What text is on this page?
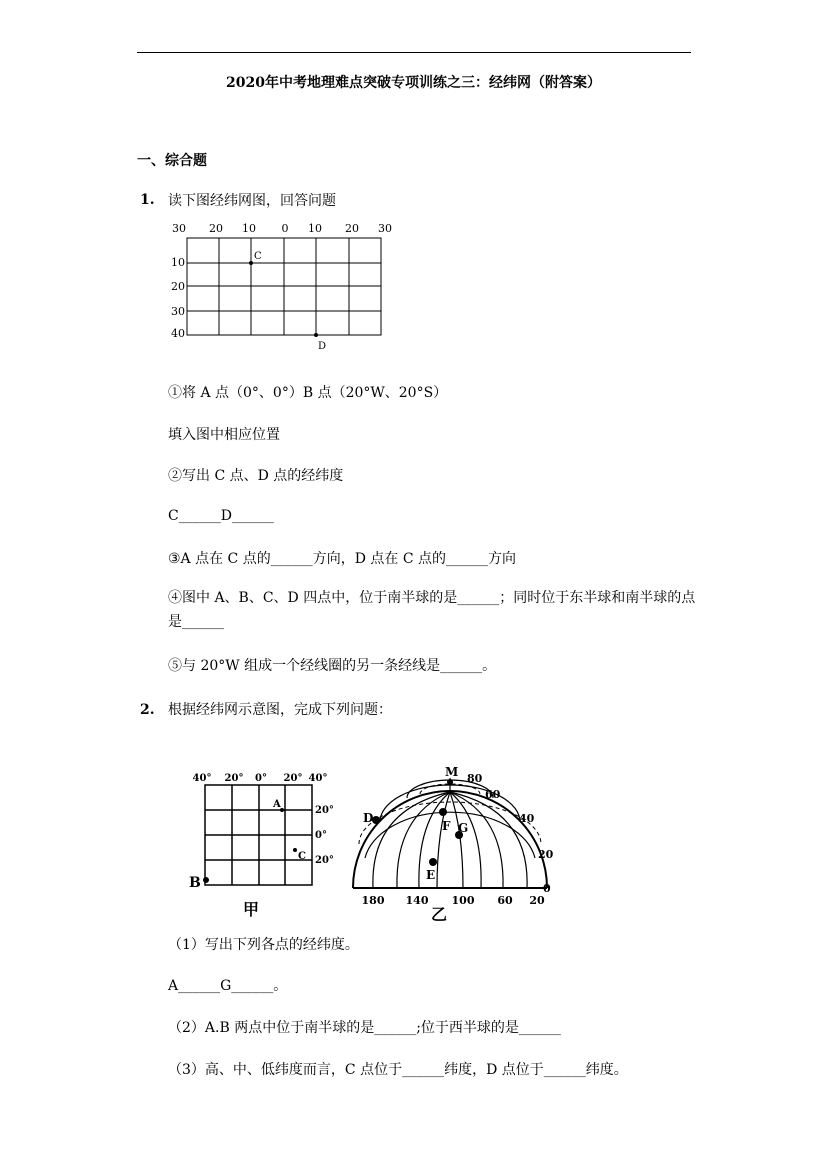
2020年中考地理难点突破专项训练之三：经纬网（附答案）
一、综合题
1. 读下图经纬网图，回答问题
30 20 10 0 10 20 30
10
20
30
40
C
D
①将 A 点（0°、0°）B 点（20°W、20°S）
填入图中相应位置
②写出 C 点、D 点的经纬度
C______D______
③A 点在 C 点的______方向，D 点在 C 点的______方向
④图中 A、B、C、D 四点中，位于南半球的是______；同时位于东半球和南半球的点是______
⑤与 20°W 组成一个经线圈的另一条经线是______。
2. 根据经纬网示意图，完成下列问题：
40° 20° 0° 20° 40°
20°
0°
20°
A
B
C
甲
M
D
F G
E
80
60
40
20
0
180 140 100 60 20
乙
（1）写出下列各点的经纬度。
A______G______。
（2）A.B 两点中位于南半球的是______;位于西半球的是______
（3）高、中、低纬度而言，C 点位于______纬度，D 点位于______纬度。
